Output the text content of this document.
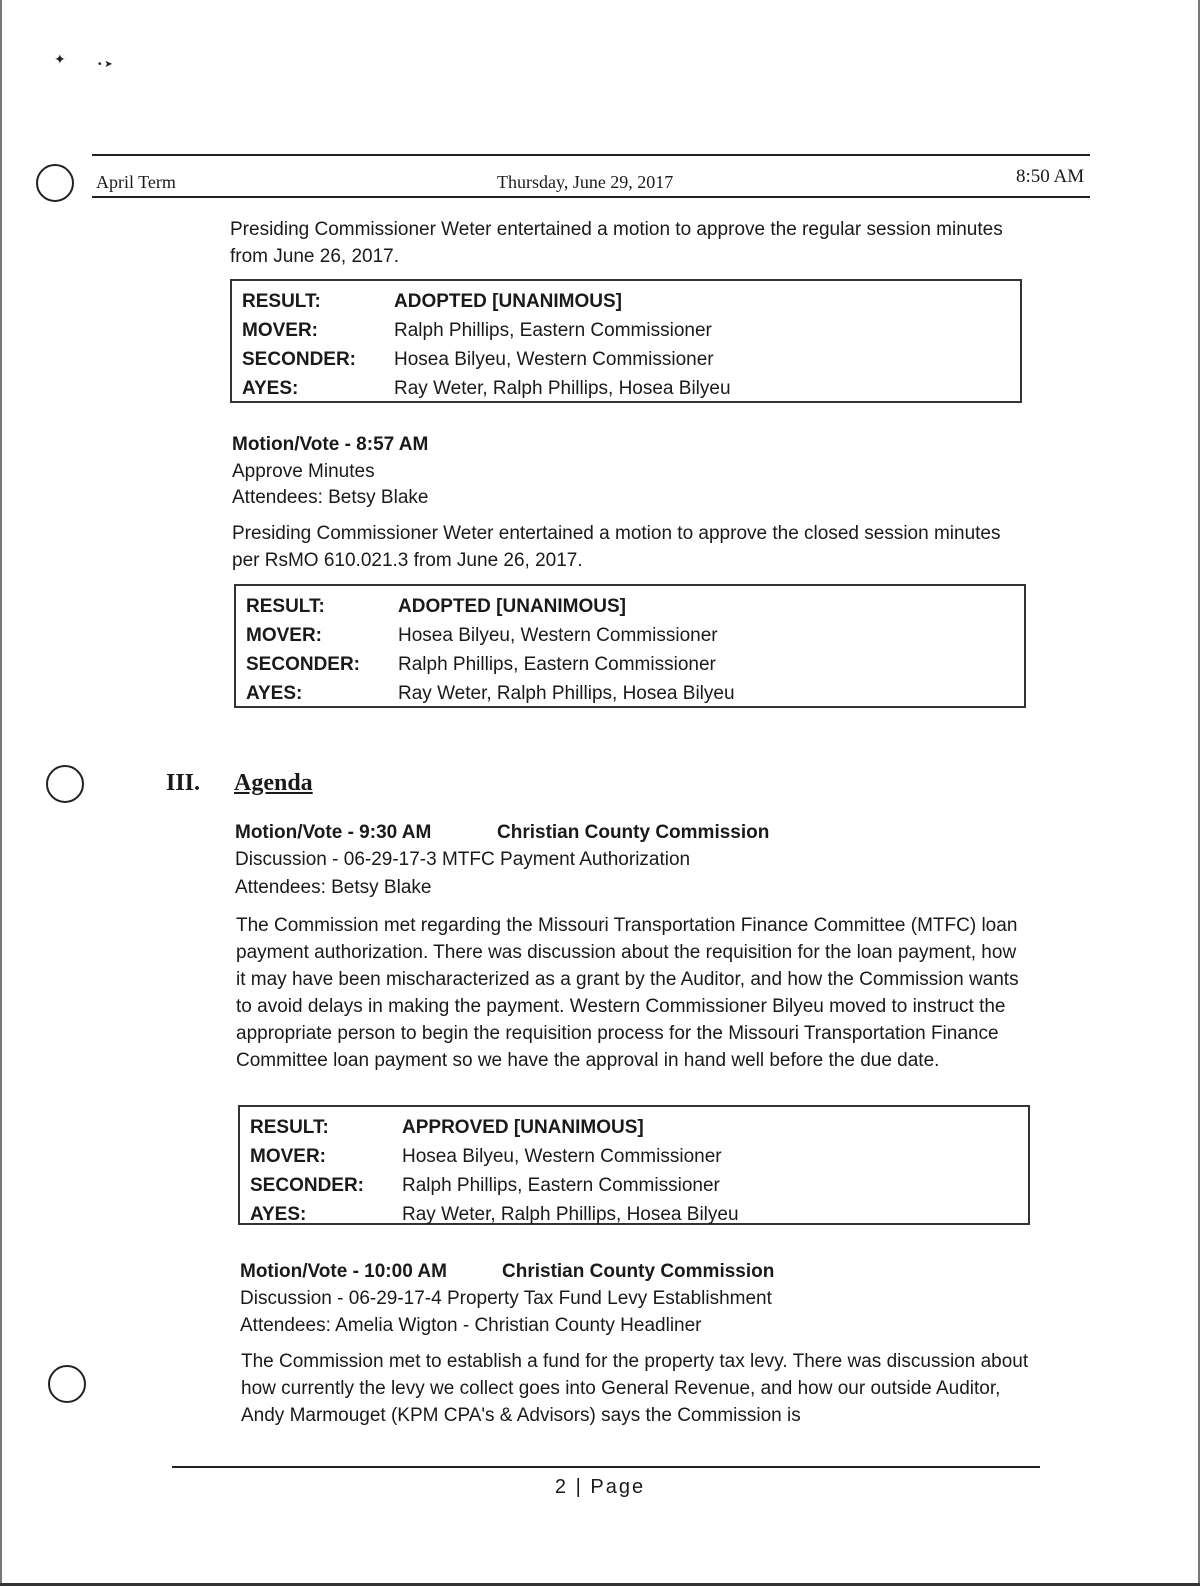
✦	• ➤
April Term	Thursday, June 29, 2017	8:50 AM

Presiding Commissioner Weter entertained a motion to approve the regular session minutes from June 26, 2017.

RESULT:	ADOPTED [UNANIMOUS]
MOVER:	Ralph Phillips, Eastern Commissioner
SECONDER:	Hosea Bilyeu, Western Commissioner
AYES:	Ray Weter, Ralph Phillips, Hosea Bilyeu
Motion/Vote - 8:57 AM
Approve Minutes
Attendees: Betsy Blake

Presiding Commissioner Weter entertained a motion to approve the closed session minutes per RsMO 610.021.3 from June 26, 2017.

RESULT:	ADOPTED [UNANIMOUS]
MOVER:	Hosea Bilyeu, Western Commissioner
SECONDER:	Ralph Phillips, Eastern Commissioner
AYES:	Ray Weter, Ralph Phillips, Hosea Bilyeu
III. Agenda
Motion/Vote - 9:30 AM	Christian County Commission
Discussion - 06-29-17-3 MTFC Payment Authorization
Attendees: Betsy Blake

The Commission met regarding the Missouri Transportation Finance Committee (MTFC) loan payment authorization. There was discussion about the requisition for the loan payment, how it may have been mischaracterized as a grant by the Auditor, and how the Commission wants to avoid delays in making the payment. Western Commissioner Bilyeu moved to instruct the appropriate person to begin the requisition process for the Missouri Transportation Finance Committee loan payment so we have the approval in hand well before the due date.

RESULT:	APPROVED [UNANIMOUS]
MOVER:	Hosea Bilyeu, Western Commissioner
SECONDER:	Ralph Phillips, Eastern Commissioner
AYES:	Ray Weter, Ralph Phillips, Hosea Bilyeu
Motion/Vote - 10:00 AM	Christian County Commission
Discussion - 06-29-17-4 Property Tax Fund Levy Establishment
Attendees: Amelia Wigton - Christian County Headliner

The Commission met to establish a fund for the property tax levy. There was discussion about how currently the levy we collect goes into General Revenue, and how our outside Auditor, Andy Marmouget (KPM CPA's & Advisors) says the Commission is

2 | Page
